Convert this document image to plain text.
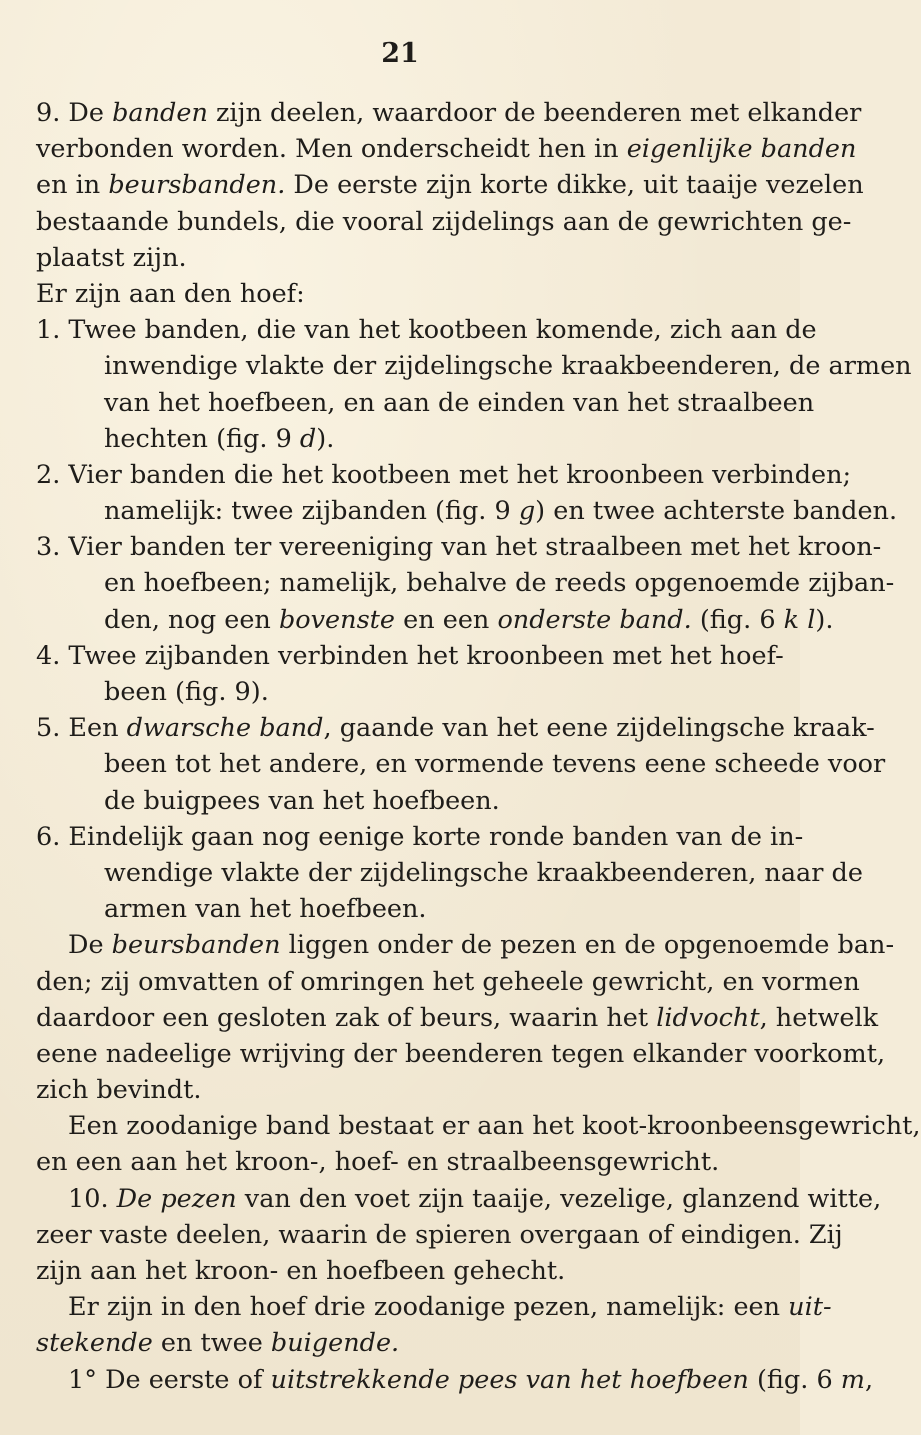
21
9. De banden zijn deelen, waardoor de beenderen met elkander
verbonden worden. Men onderscheidt hen in eigenlijke banden
en in beursbanden. De eerste zijn korte dikke, uit taaije vezelen
bestaande bundels, die vooral zijdelings aan de gewrichten ge-
plaatst zijn.
Er zijn aan den hoef:
1. Twee banden, die van het kootbeen komende, zich aan de
inwendige vlakte der zijdelingsche kraakbeenderen, de armen
van het hoefbeen, en aan de einden van het straalbeen
hechten (fig. 9 d).
2. Vier banden die het kootbeen met het kroonbeen verbinden;
namelijk: twee zijbanden (fig. 9 g) en twee achterste banden.
3. Vier banden ter vereeniging van het straalbeen met het kroon-
en hoefbeen; namelijk, behalve de reeds opgenoemde zijban-
den, nog een bovenste en een onderste band. (fig. 6 k l).
4. Twee zijbanden verbinden het kroonbeen met het hoef-
been (fig. 9).
5. Een dwarsche band, gaande van het eene zijdelingsche kraak-
been tot het andere, en vormende tevens eene scheede voor
de buigpees van het hoefbeen.
6. Eindelijk gaan nog eenige korte ronde banden van de in-
wendige vlakte der zijdelingsche kraakbeenderen, naar de
armen van het hoefbeen.
De beursbanden liggen onder de pezen en de opgenoemde ban-
den; zij omvatten of omringen het geheele gewricht, en vormen
daardoor een gesloten zak of beurs, waarin het lidvocht, hetwelk
eene nadeelige wrijving der beenderen tegen elkander voorkomt,
zich bevindt.
Een zoodanige band bestaat er aan het koot-kroonbeensgewricht,
en een aan het kroon-, hoef- en straalbeensgewricht.
10. De pezen van den voet zijn taaije, vezelige, glanzend witte,
zeer vaste deelen, waarin de spieren overgaan of eindigen. Zij
zijn aan het kroon- en hoefbeen gehecht.
Er zijn in den hoef drie zoodanige pezen, namelijk: een uit-
stekende en twee buigende.
1° De eerste of uitstrekkende pees van het hoefbeen (fig. 6 m,
